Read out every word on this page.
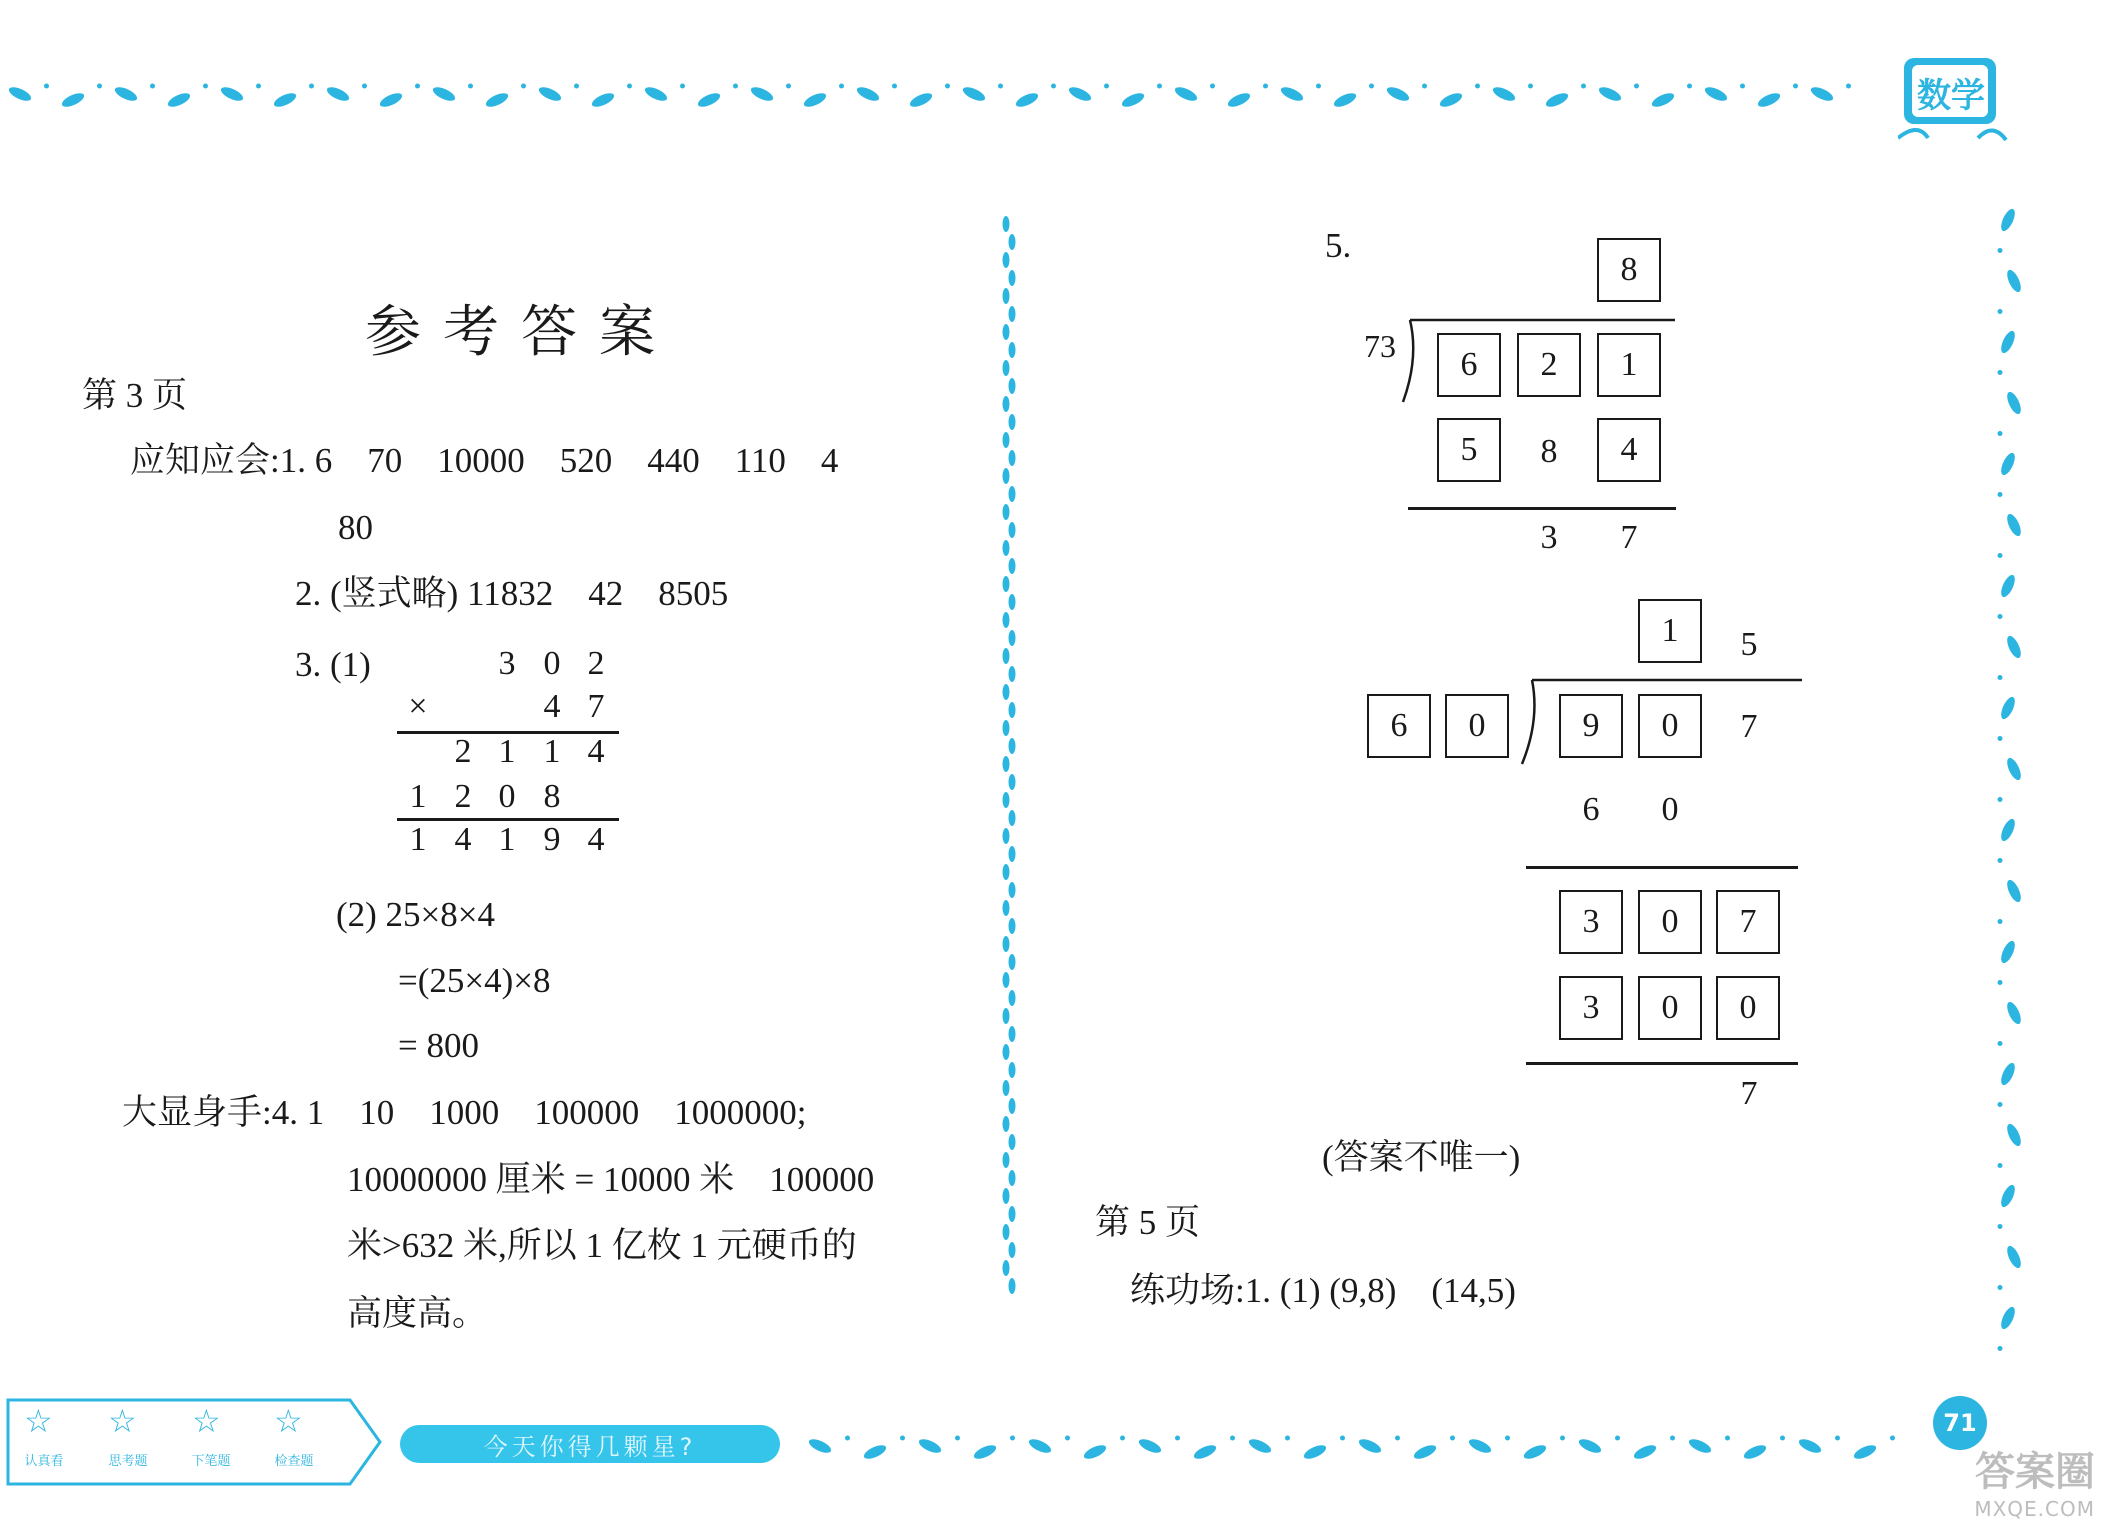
数学
参考答案
第 3 页
应知应会:1. 6    70    10000    520    440    110    4
80
2. (竖式略) 11832    42    8505
3. (1)	3 0 2
×	4 7
2 1 1 4
1 2 0 8
1 4 1 9 4
(2) 25×8×4
=(25×4)×8
= 800
大显身手:4. 1    10    1000    100000    1000000;
10000000 厘米 = 10000 米    100000
米>632 米,所以 1 亿枚 1 元硬币的
高度高。
5.
8
73	6	2	1
5	8	4
3	7
1	5
6	0	9	0	7
6	0
3	0	7
3	0	0
7
(答案不唯一)
第 5 页
练功场:1. (1) (9,8)    (14,5)
☆ ☆ ☆ ☆
认真看	思考题	下笔题	检查题
今天你得几颗星?
71
答案圈
MXQE.COM
